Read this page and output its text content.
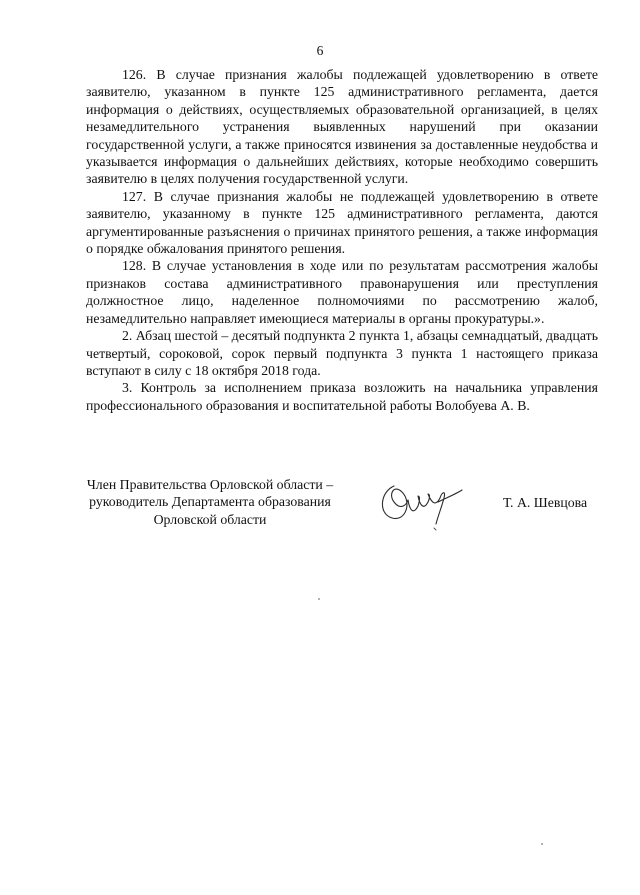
6

126. В случае признания жалобы подлежащей удовлетворению в ответе заявителю, указанном в пункте 125 административного регламента, дается информация о действиях, осуществляемых образовательной организацией, в целях незамедлительного устранения выявленных нарушений при оказании государственной услуги, а также приносятся извинения за доставленные неудобства и указывается информация о дальнейших действиях, которые необходимо совершить заявителю в целях получения государственной услуги.

127. В случае признания жалобы не подлежащей удовлетворению в ответе заявителю, указанному в пункте 125 административного регламента, даются аргументированные разъяснения о причинах принятого решения, а также информация о порядке обжалования принятого решения.

128. В случае установления в ходе или по результатам рассмотрения жалобы признаков состава административного правонарушения или преступления должностное лицо, наделенное полномочиями по рассмотрению жалоб, незамедлительно направляет имеющиеся материалы в органы прокуратуры.».

2. Абзац шестой – десятый подпункта 2 пункта 1, абзацы семнадцатый, двадцать четвертый, сороковой, сорок первый подпункта 3 пункта 1 настоящего приказа вступают в силу с 18 октября 2018 года.

3. Контроль за исполнением приказа возложить на начальника управления профессионального образования и воспитательной работы Волобуева А. В.

Член Правительства Орловской области –
руководитель Департамента образования
Орловской области
Т. А. Шевцова
